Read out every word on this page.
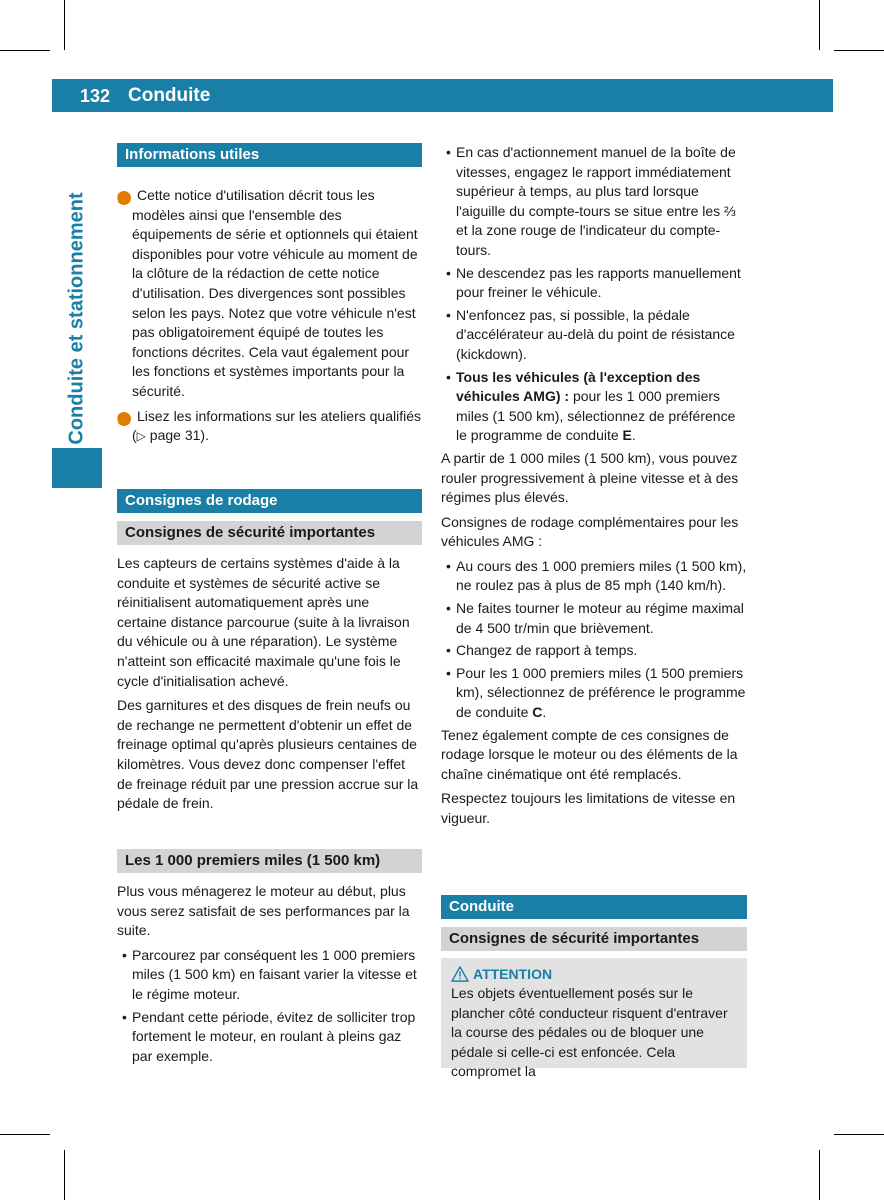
132 Conduite
Conduite et stationnement
Informations utiles

i Cette notice d'utilisation décrit tous les modèles ainsi que l'ensemble des équipements de série et optionnels qui étaient disponibles pour votre véhicule au moment de la clôture de la rédaction de cette notice d'utilisation. Des divergences sont possibles selon les pays. Notez que votre véhicule n'est pas obligatoirement équipé de toutes les fonctions décrites. Cela vaut également pour les fonctions et systèmes importants pour la sécurité.

i Lisez les informations sur les ateliers qualifiés (▷ page 31).

Consignes de rodage
Consignes de sécurité importantes

Les capteurs de certains systèmes d'aide à la conduite et systèmes de sécurité active se réinitialisent automatiquement après une certaine distance parcourue (suite à la livraison du véhicule ou à une réparation). Le système n'atteint son efficacité maximale qu'une fois le cycle d'initialisation achevé.

Des garnitures et des disques de frein neufs ou de rechange ne permettent d'obtenir un effet de freinage optimal qu'après plusieurs centaines de kilomètres. Vous devez donc compenser l'effet de freinage réduit par une pression accrue sur la pédale de frein.

Les 1 000 premiers miles (1 500 km)

Plus vous ménagerez le moteur au début, plus vous serez satisfait de ses performances par la suite.

• Parcourez par conséquent les 1 000 premiers miles (1 500 km) en faisant varier la vitesse et le régime moteur.
• Pendant cette période, évitez de solliciter trop fortement le moteur, en roulant à pleins gaz par exemple.
• En cas d'actionnement manuel de la boîte de vitesses, engagez le rapport immédiatement supérieur à temps, au plus tard lorsque l'aiguille du compte-tours se situe entre les ⅔ et la zone rouge de l'indicateur du compte-tours.
• Ne descendez pas les rapports manuellement pour freiner le véhicule.
• N'enfoncez pas, si possible, la pédale d'accélérateur au-delà du point de résistance (kickdown).
• Tous les véhicules (à l'exception des véhicules AMG) : pour les 1 000 premiers miles (1 500 km), sélectionnez de préférence le programme de conduite E.

A partir de 1 000 miles (1 500 km), vous pouvez rouler progressivement à pleine vitesse et à des régimes plus élevés.

Consignes de rodage complémentaires pour les véhicules AMG :

• Au cours des 1 000 premiers miles (1 500 km), ne roulez pas à plus de 85 mph (140 km/h).
• Ne faites tourner le moteur au régime maximal de 4 500 tr/min que brièvement.
• Changez de rapport à temps.
• Pour les 1 000 premiers miles (1 500 premiers km), sélectionnez de préférence le programme de conduite C.

Tenez également compte de ces consignes de rodage lorsque le moteur ou des éléments de la chaîne cinématique ont été remplacés.

Respectez toujours les limitations de vitesse en vigueur.

Conduite
Consignes de sécurité importantes
ATTENTION
Les objets éventuellement posés sur le plancher côté conducteur risquent d'entraver la course des pédales ou de bloquer une pédale si celle-ci est enfoncée. Cela compromet la
